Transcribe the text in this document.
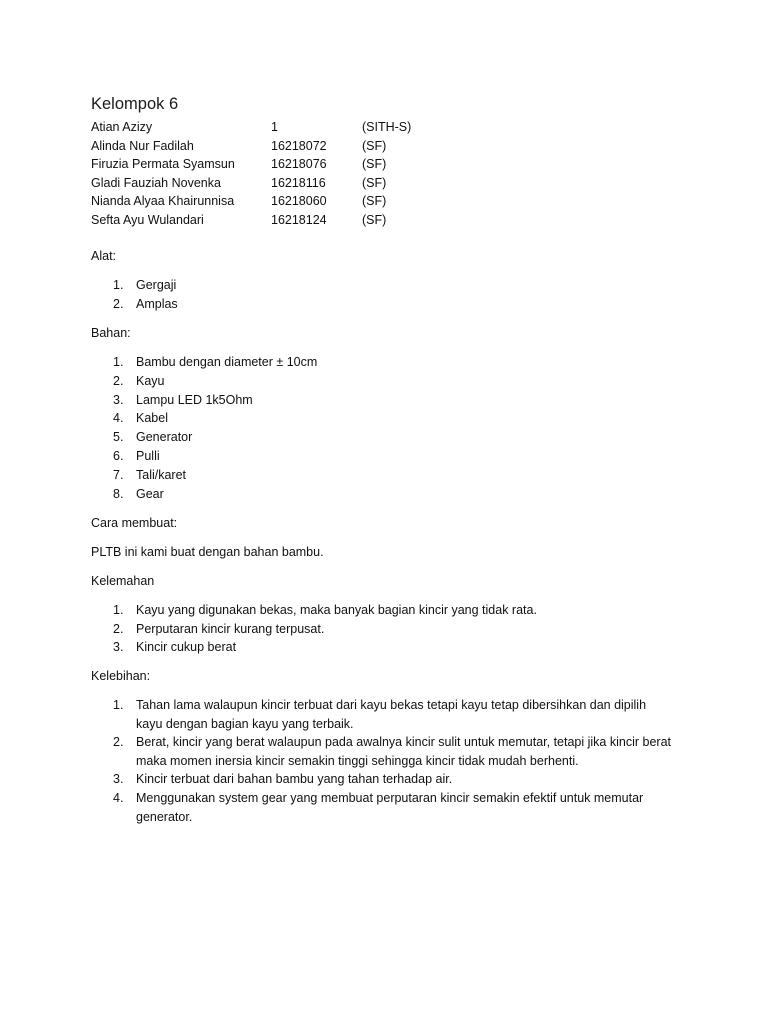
Kelompok 6
Atian Azizy	1	(SITH-S)
Alinda Nur Fadilah	16218072	(SF)
Firuzia Permata Syamsun	16218076	(SF)
Gladi Fauziah Novenka	16218116	(SF)
Nianda Alyaa Khairunnisa	16218060	(SF)
Sefta Ayu Wulandari	16218124	(SF)
Alat:
1. Gergaji
2. Amplas
Bahan:
1. Bambu dengan diameter ± 10cm
2. Kayu
3. Lampu LED 1k5Ohm
4. Kabel
5. Generator
6. Pulli
7. Tali/karet
8. Gear
Cara membuat:
PLTB ini kami buat dengan bahan bambu.
Kelemahan
1. Kayu yang digunakan bekas, maka banyak bagian kincir yang tidak rata.
2. Perputaran kincir kurang terpusat.
3. Kincir cukup berat
Kelebihan:
1. Tahan lama walaupun kincir terbuat dari kayu bekas tetapi kayu tetap dibersihkan dan dipilih kayu dengan bagian kayu yang terbaik.
2. Berat, kincir yang berat walaupun pada awalnya kincir sulit untuk memutar, tetapi jika kincir berat maka momen inersia kincir semakin tinggi sehingga kincir tidak mudah berhenti.
3. Kincir terbuat dari bahan bambu yang tahan terhadap air.
4. Menggunakan system gear yang membuat perputaran kincir semakin efektif untuk memutar generator.
